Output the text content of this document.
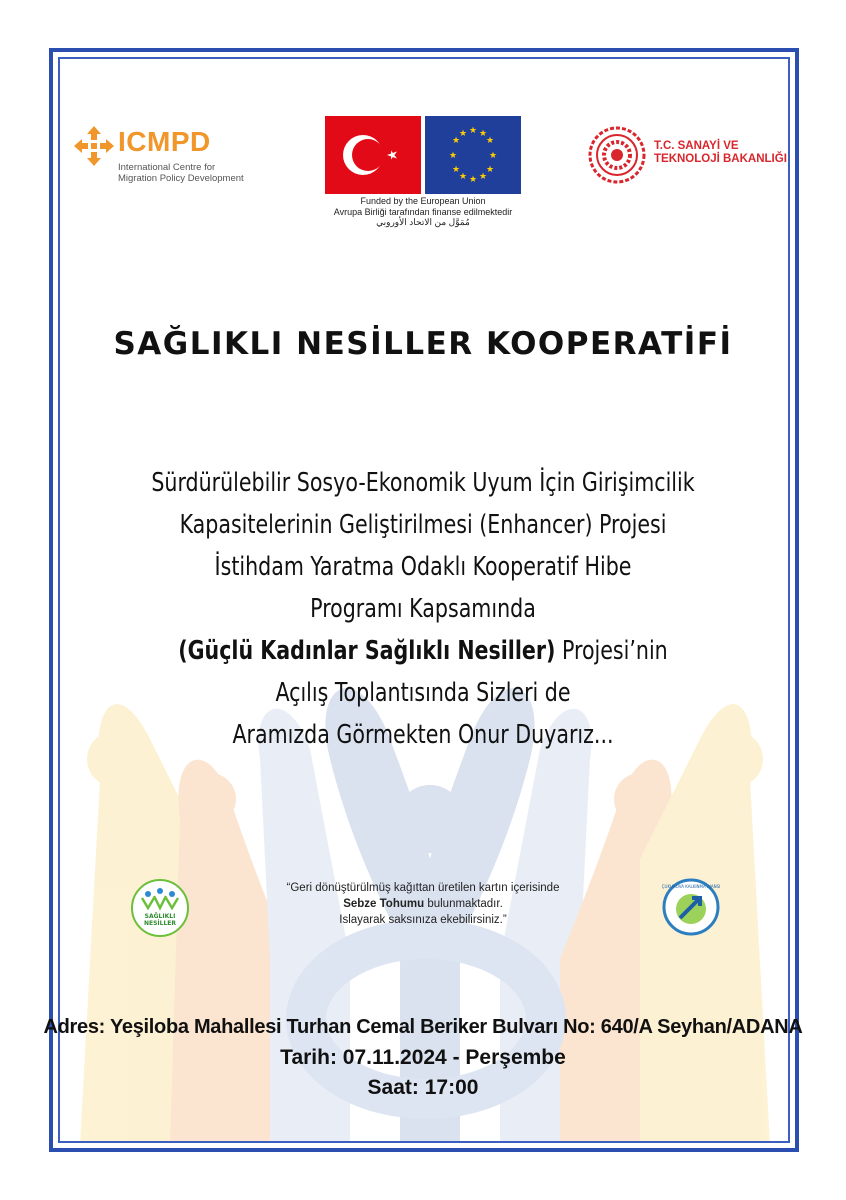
ICMPD
International Centre for
Migration Policy Development
★ ★
★
★
★
★
★
★
★
★
★
★
Funded by the European Union
Avrupa Birliği tarafından finanse edilmektedir
مُمَوَّل من الاتحاد الأوروبي
T.C. SANAYİ VE
TEKNOLOJİ BAKANLIĞI
SAĞLIKLI NESİLLER KOOPERATİFİ
Sürdürülebilir Sosyo-Ekonomik Uyum İçin Girişimcilik
Kapasitelerinin Geliştirilmesi (Enhancer) Projesi
İstihdam Yaratma Odaklı Kooperatif Hibe
Programı Kapsamında
(Güçlü Kadınlar Sağlıklı Nesiller) Projesi’nin
Açılış Toplantısında Sizleri de
Aramızda Görmekten Onur Duyarız...
SAĞLIKLI
NESİLLER
ÇUKUROVA KALKINMA AJANSI
“Geri dönüştürülmüş kağıttan üretilen kartın içerisinde
Sebze Tohumu bulunmaktadır.
Islayarak saksınıza ekebilirsiniz.”
Adres: Yeşiloba Mahallesi Turhan Cemal Beriker Bulvarı No: 640/A Seyhan/ADANA
Tarih: 07.11.2024 - Perşembe
Saat: 17:00
